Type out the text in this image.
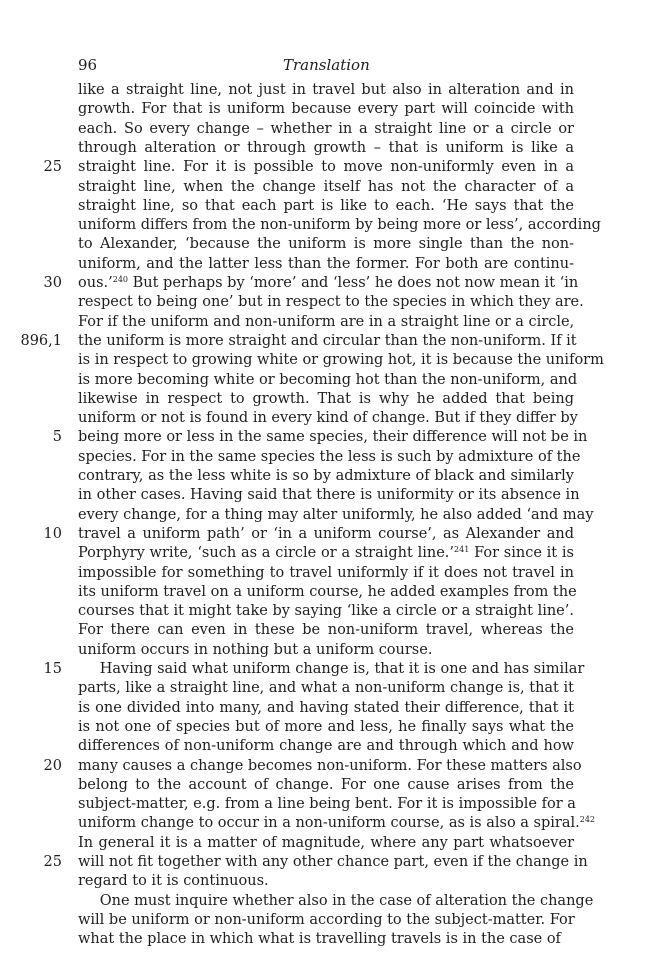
96	Translation
like a straight line, not just in travel but also in alteration and in
growth. For that is uniform because every part will coincide with
each. So every change – whether in a straight line or a circle or
through alteration or through growth – that is uniform is like a
straight line. For it is possible to move non-uniformly even in a
straight line, when the change itself has not the character of a
straight line, so that each part is like to each. ‘He says that the
uniform differs from the non-uniform by being more or less’, according
to Alexander, ‘because the uniform is more single than the non-
uniform, and the latter less than the former. For both are continu-
ous.’$^{240}$ But perhaps by ‘more’ and ‘less’ he does not now mean it ‘in
respect to being one’ but in respect to the species in which they are.
For if the uniform and non-uniform are in a straight line or a circle,
the uniform is more straight and circular than the non-uniform. If it
is in respect to growing white or growing hot, it is because the uniform
is more becoming white or becoming hot than the non-uniform, and
likewise in respect to growth. That is why he added that being
uniform or not is found in every kind of change. But if they differ by
being more or less in the same species, their difference will not be in
species. For in the same species the less is such by admixture of the
contrary, as the less white is so by admixture of black and similarly
in other cases. Having said that there is uniformity or its absence in
every change, for a thing may alter uniformly, he also added ‘and may
travel a uniform path’ or ‘in a uniform course’, as Alexander and
Porphyry write, ‘such as a circle or a straight line.’$^{241}$ For since it is
impossible for something to travel uniformly if it does not travel in
its uniform travel on a uniform course, he added examples from the
courses that it might take by saying ‘like a circle or a straight line’.
For there can even in these be non-uniform travel, whereas the
uniform occurs in nothing but a uniform course.
  Having said what uniform change is, that it is one and has similar
parts, like a straight line, and what a non-uniform change is, that it
is one divided into many, and having stated their difference, that it
is not one of species but of more and less, he finally says what the
differences of non-uniform change are and through which and how
many causes a change becomes non-uniform. For these matters also
belong to the account of change. For one cause arises from the
subject-matter, e.g. from a line being bent. For it is impossible for a
uniform change to occur in a non-uniform course, as is also a spiral.$^{242}$
In general it is a matter of magnitude, where any part whatsoever
will not fit together with any other chance part, even if the change in
regard to it is continuous.
  One must inquire whether also in the case of alteration the change
will be uniform or non-uniform according to the subject-matter. For
what the place in which what is travelling travels is in the case of
25
30
896,1
5
10
15
20
25
